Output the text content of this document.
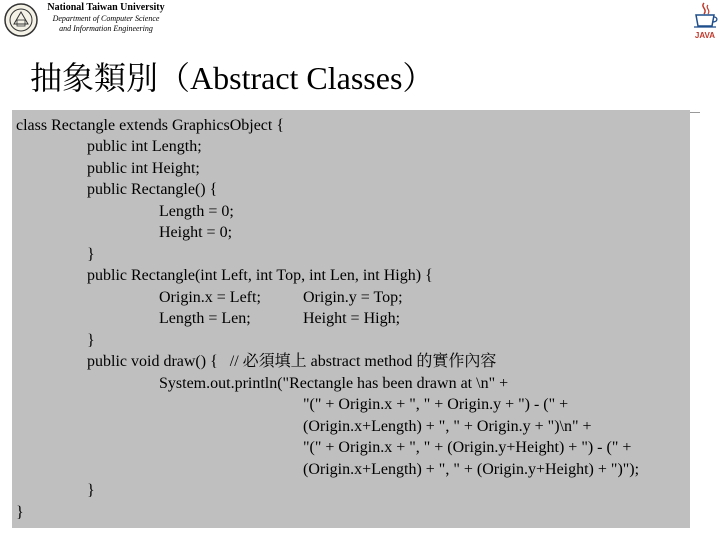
National Taiwan University
Department of Computer Science
and Information Engineering
JAVA
抽象類別（Abstract Classes）
class Rectangle extends GraphicsObject {
public int Length;
public int Height;
public Rectangle() {
Length = 0;
Height = 0;
}
public Rectangle(int Left, int Top, int Len, int High) {
Origin.x = Left;	Origin.y = Top;
Length = Len;	Height = High;
}
public void draw() {   // 必須填上 abstract method 的實作內容
System.out.println("Rectangle has been drawn at \n" +
"(" + Origin.x + ", " + Origin.y + ") - (" +
(Origin.x+Length) + ", " + Origin.y + ")\n" +
"(" + Origin.x + ", " + (Origin.y+Height) + ") - (" +
(Origin.x+Length) + ", " + (Origin.y+Height) + ")");
}
}
